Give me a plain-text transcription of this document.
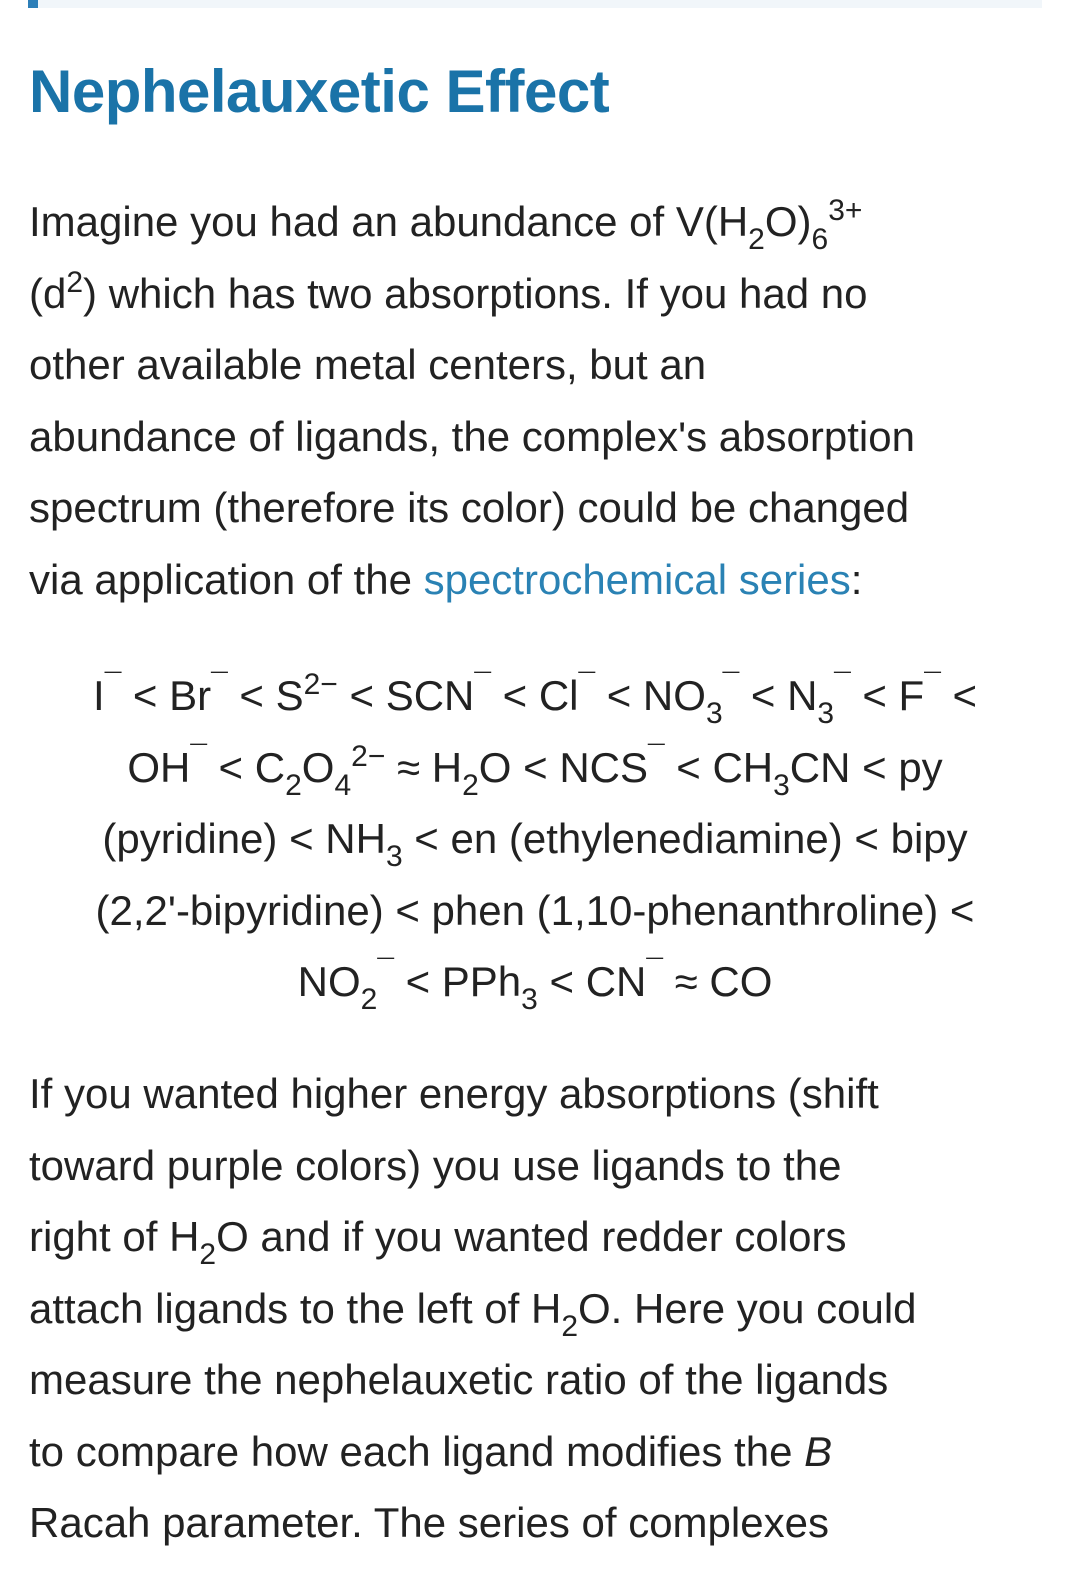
Nephelauxetic Effect
Imagine you had an abundance of $V(H_2O)_6^{3+}$
$(d^2)$ which has two absorptions. If you had no
other available metal centers, but an
abundance of ligands, the complex's absorption
spectrum (therefore its color) could be changed
via application of the spectrochemical series:
$I^¯ < Br^¯ < S^{2-} < SCN^¯ < Cl^¯ < NO_3^¯ < N_3^¯ < F^¯$ <
$OH^¯ < C_2O_4^{2-} \approx H_2O < NCS^¯ < CH_3CN$ < py
(pyridine) < $NH_3$ < en (ethylenediamine) < bipy
(2,2'-bipyridine) < phen (1,10-phenanthroline) <
$NO_2^¯ < PPh_3 < CN^¯$ ≈ CO
If you wanted higher energy absorptions (shift
toward purple colors) you use ligands to the
right of $H_2O$ and if you wanted redder colors
attach ligands to the left of $H_2O$. Here you could
measure the nephelauxetic ratio of the ligands
to compare how each ligand modifies the B
Racah parameter. The series of complexes
